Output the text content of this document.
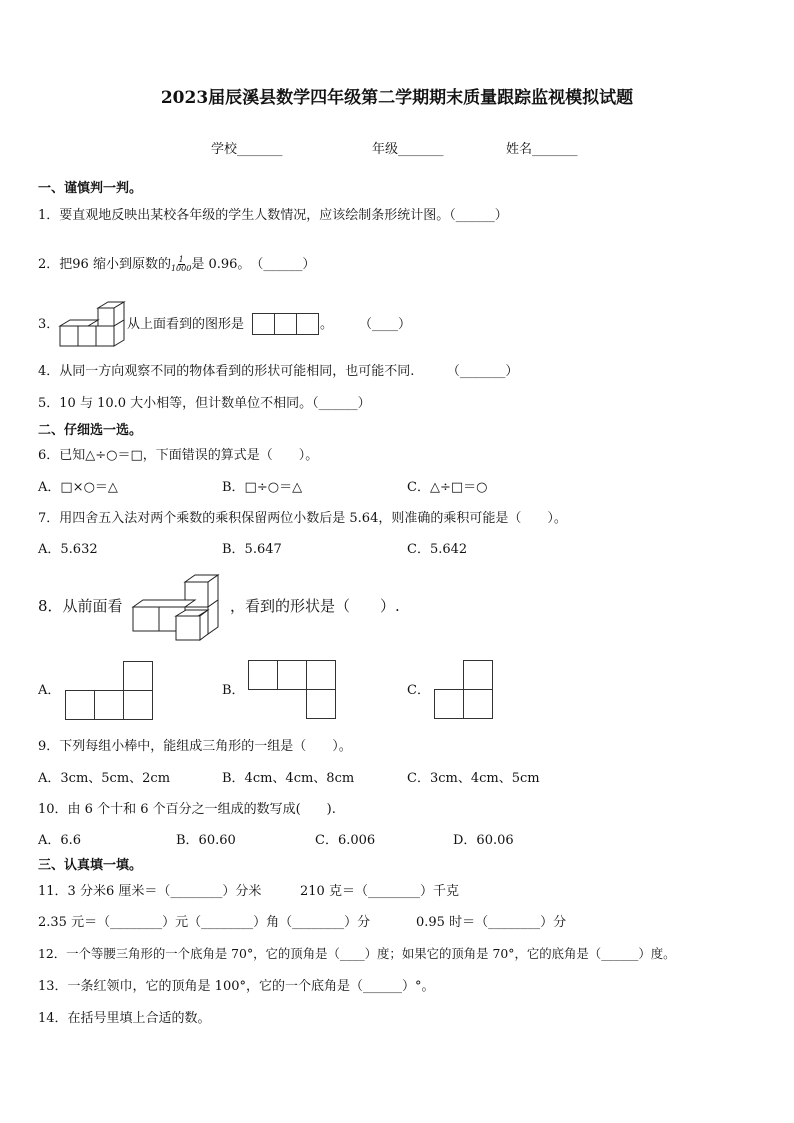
2023届辰溪县数学四年级第二学期期末质量跟踪监视模拟试题
学校_______	年级_______	姓名_______
一、谨慎判一判。
1．要直观地反映出某校各年级的学生人数情况，应该绘制条形统计图。（______）
2．把96 缩小到原数的 $\frac{1}{1000}$ 是 0.96。　（______）
3．	从上面看到的图形是	。　　　（____）
4．从同一方向观察不同的物体看到的形状可能相同，也可能不同.　　　（_______）
5．10 与 10.0 大小相等，但计数单位不相同。（______）
二、仔细选一选。
6．已知△÷○＝□，下面错误的算式是（　　）。
A．□×○＝△	B．□÷○＝△	C．△÷□＝○
7．用四舍五入法对两个乘数的乘积保留两位小数后是 5.64，则准确的乘积可能是（　　）。
A．5.632	B．5.647	C．5.642
8．从前面看	，看到的形状是（　　）.
A．	B．	C．
9．下列每组小棒中，能组成三角形的一组是（　　）。
A．3cm、5cm、2cm	B．4cm、4cm、8cm	C．3cm、4cm、5cm
10．由 6 个十和 6 个百分之一组成的数写成(　　).
A．6.6	B．60.60	C．6.006	D．60.06
三、认真填一填。
11．3 分米6 厘米＝（________）分米	210 克＝（________）千克
2.35 元＝（________）元（________）角（________）分	0.95 时＝（________）分
12．一个等腰三角形的一个底角是 70°，它的顶角是（____）度；如果它的顶角是 70°，它的底角是（______）度。
13．一条红领巾，它的顶角是 100°，它的一个底角是（______）°。
14．在括号里填上合适的数。
